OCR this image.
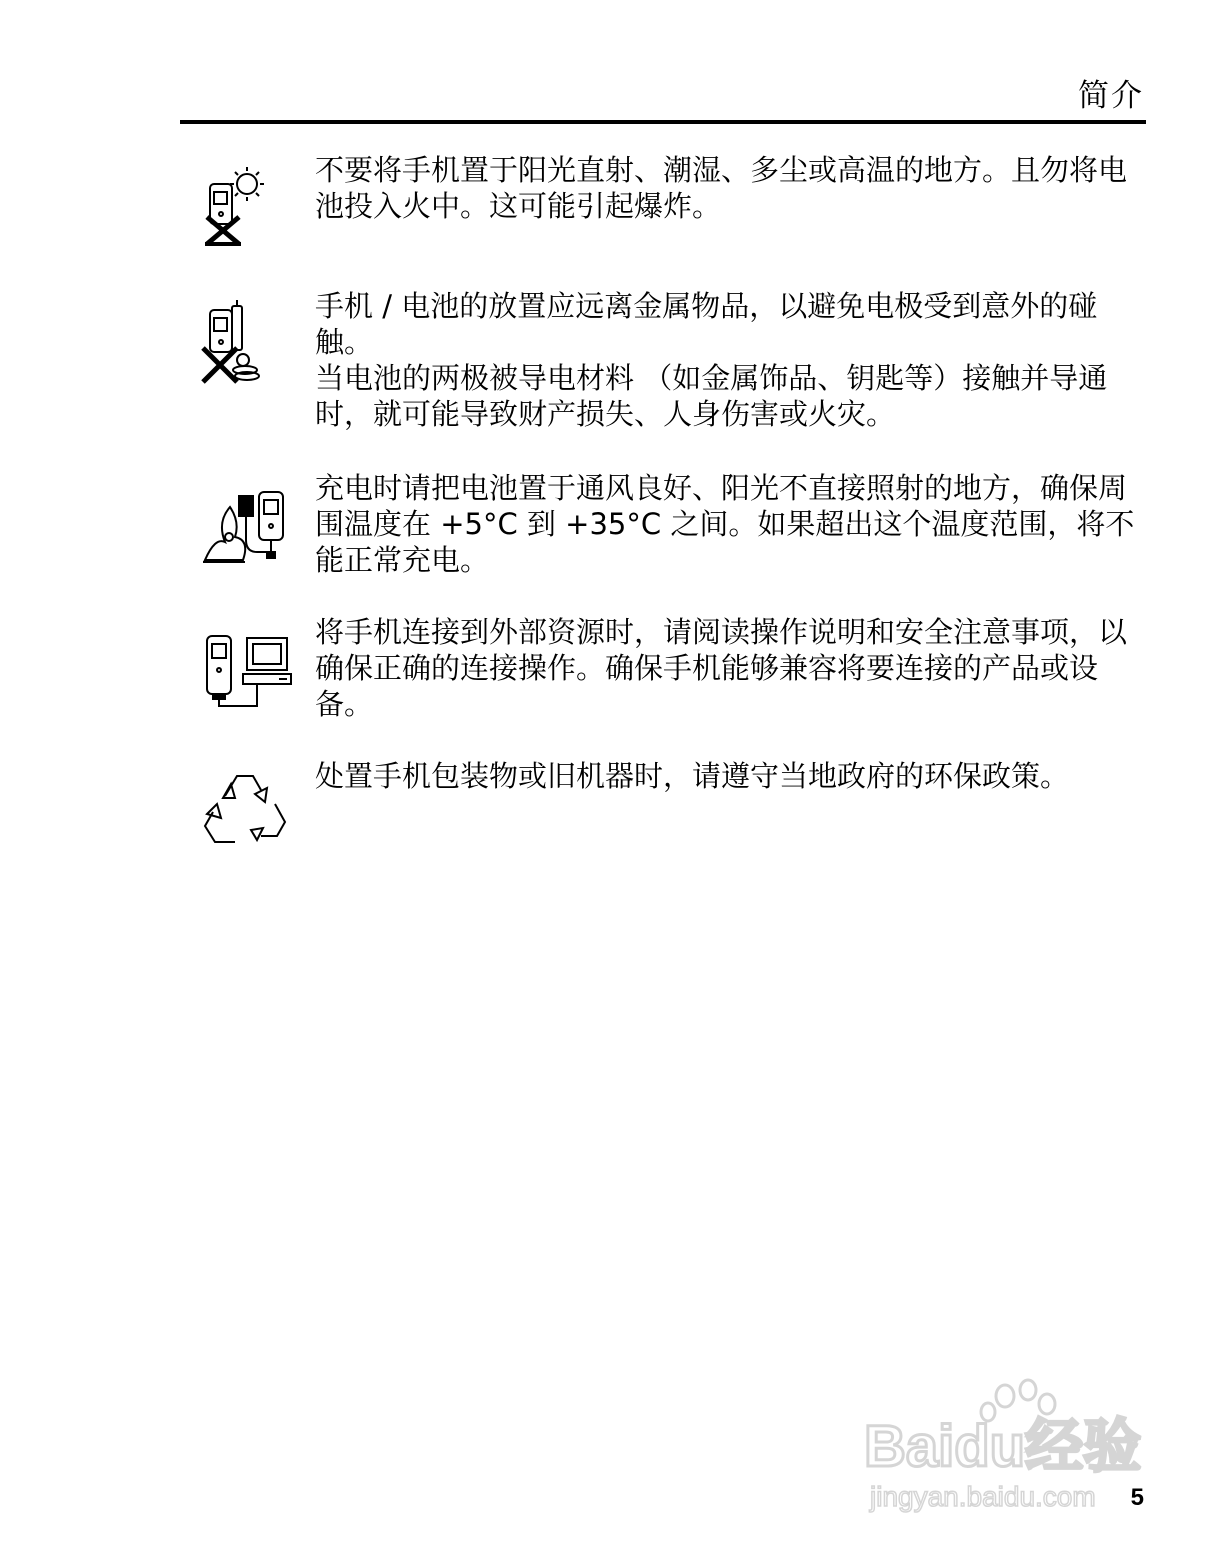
简介

不要将手机置于阳光直射、潮湿、多尘或高温的地方。且勿将电池投入火中。这可能引起爆炸。

手机 / 电池的放置应远离金属物品，以避免电极受到意外的碰触。

当电池的两极被导电材料 （如金属饰品、钥匙等）接触并导通时，就可能导致财产损失、人身伤害或火灾。

充电时请把电池置于通风良好、阳光不直接照射的地方，确保周围温度在 +5°C 到 +35°C 之间。如果超出这个温度范围，将不能正常充电。

将手机连接到外部资源时，请阅读操作说明和安全注意事项，以确保正确的连接操作。确保手机能够兼容将要连接的产品或设备。

处置手机包装物或旧机器时，请遵守当地政府的环保政策。

Baidu经验
jingyan.baidu.com 5
